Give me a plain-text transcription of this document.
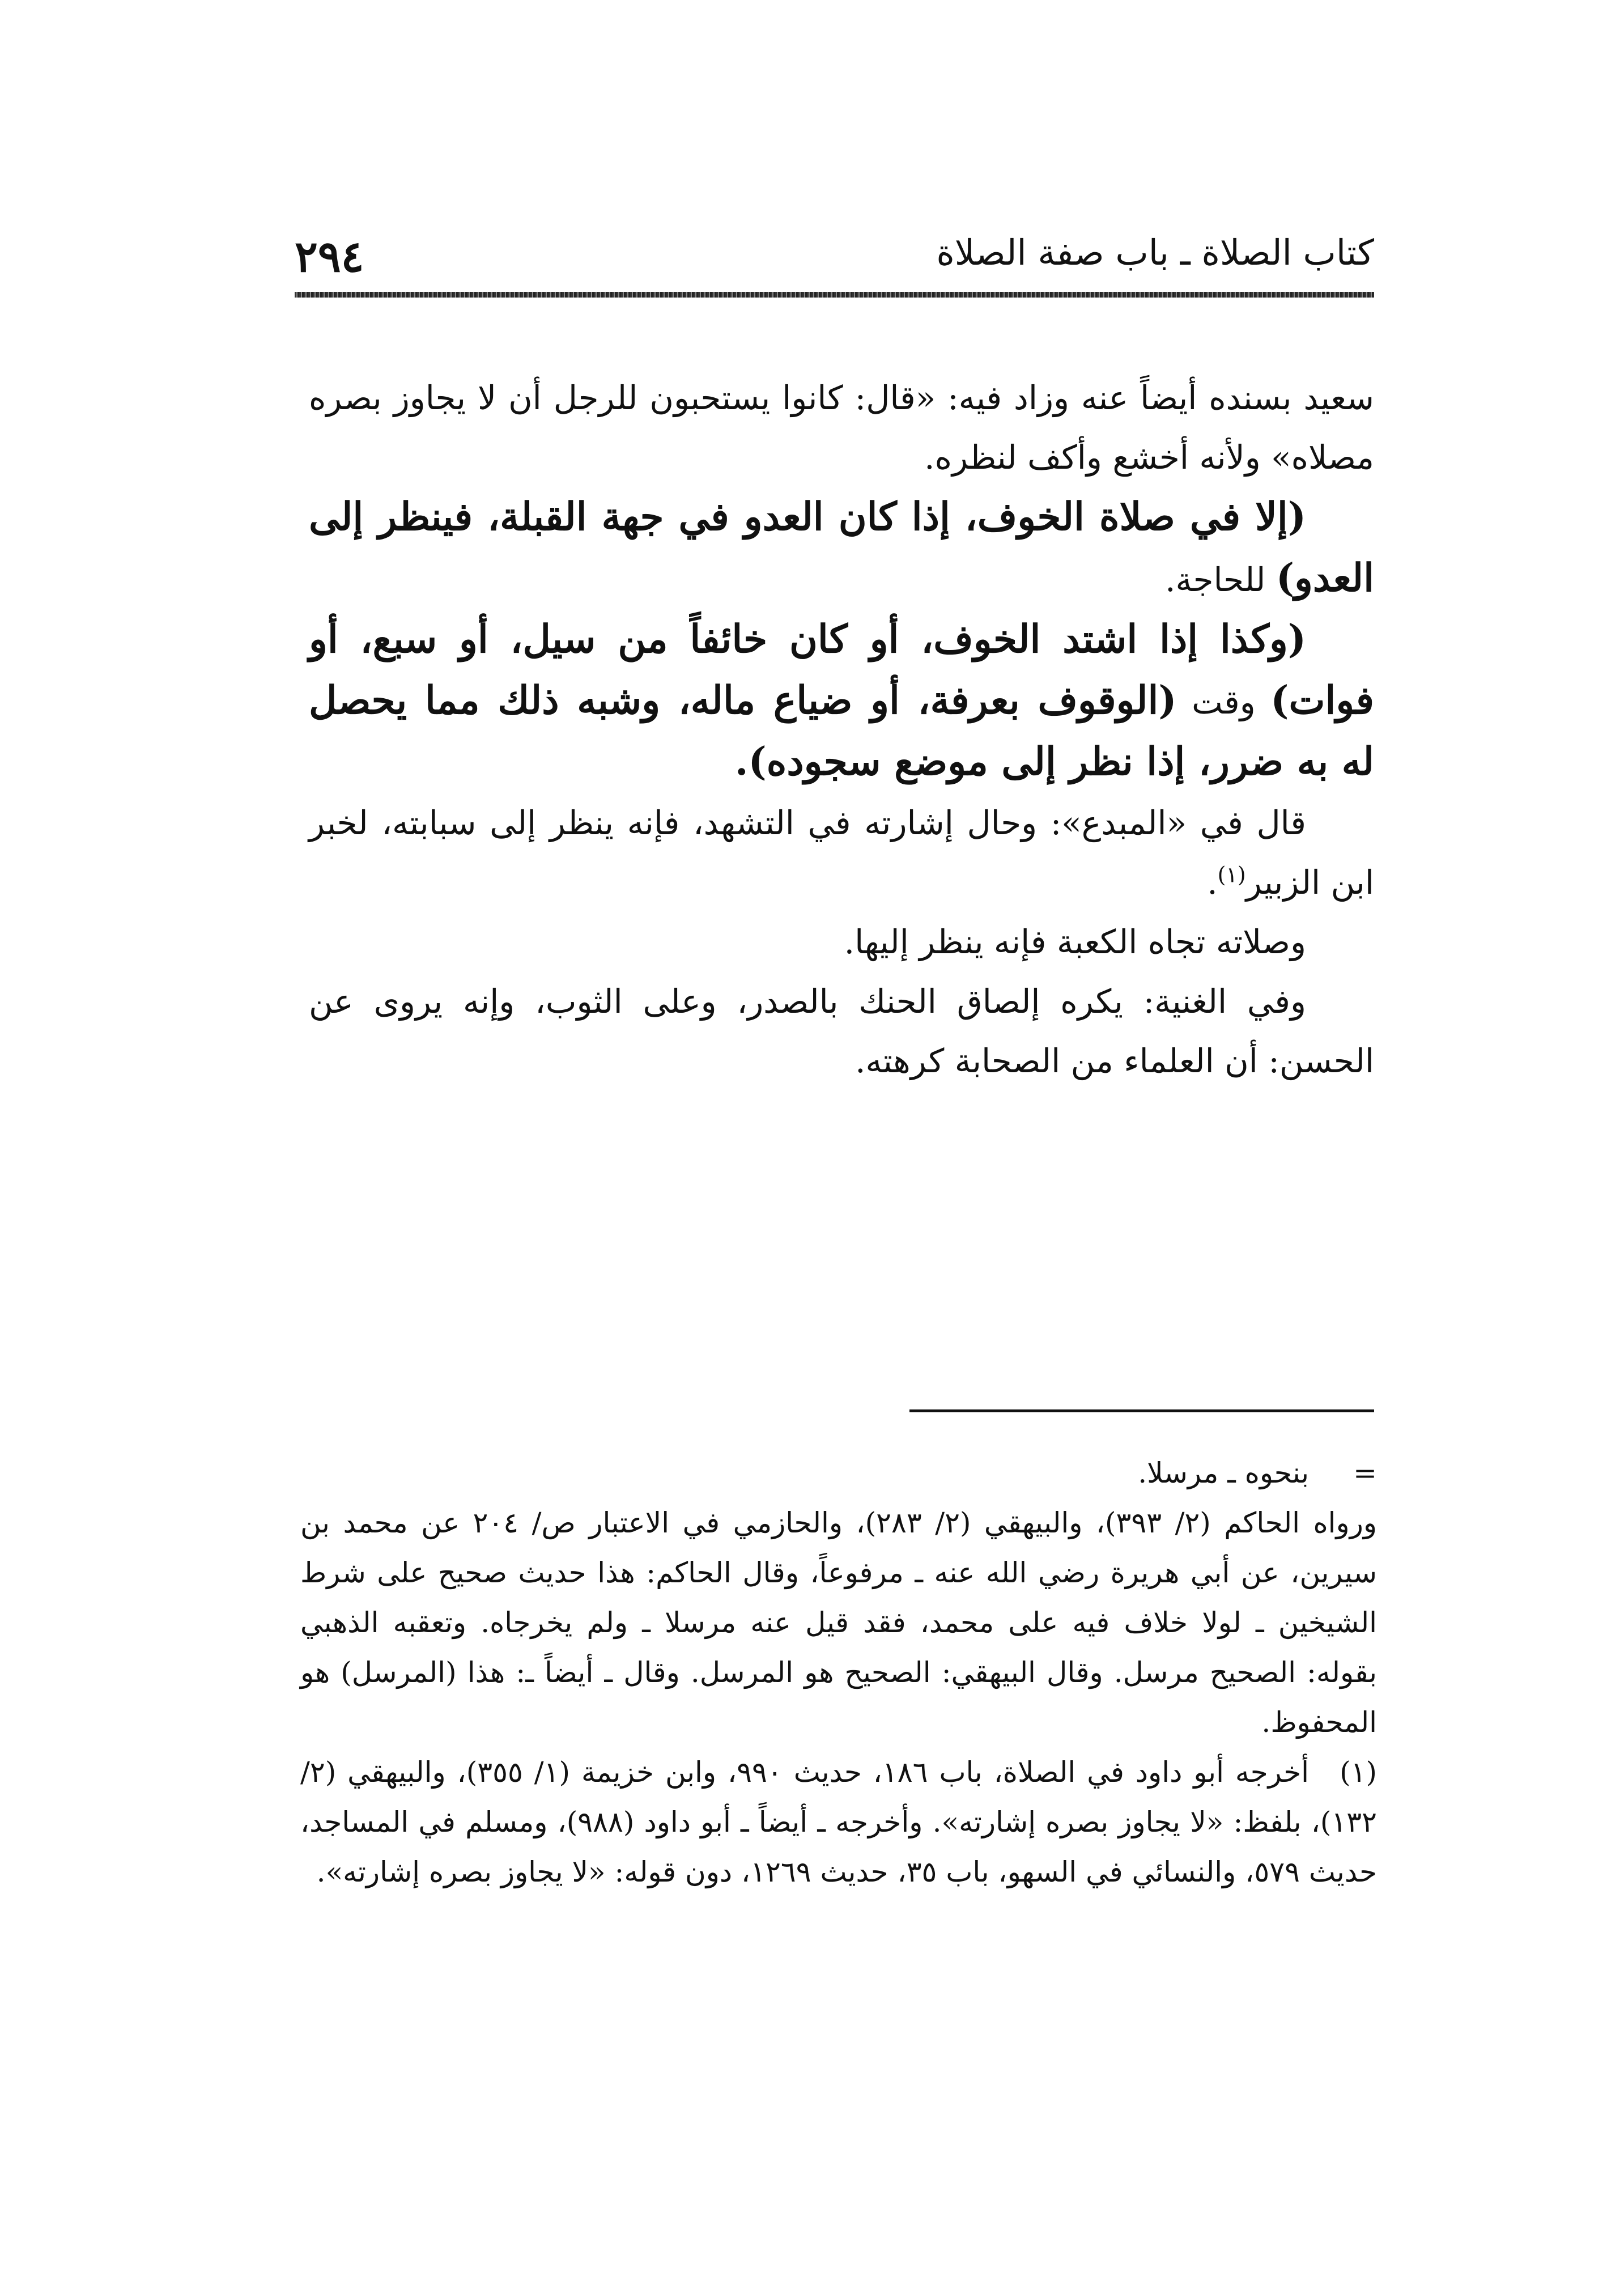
٢٩٤	كتاب الصلاة ـ باب صفة الصلاة

سعيد بسنده أيضاً عنه وزاد فيه: «قال: كانوا يستحبون للرجل أن لا يجاوز بصره مصلاه» ولأنه أخشع وأكف لنظره.

(إلا في صلاة الخوف، إذا كان العدو في جهة القبلة، فينظر إلى العدو) للحاجة.

(وكذا إذا اشتد الخوف، أو كان خائفاً من سيل، أو سبع، أو فوات) وقت (الوقوف بعرفة، أو ضياع ماله، وشبه ذلك مما يحصل له به ضرر، إذا نظر إلى موضع سجوده).

قال في «المبدع»: وحال إشارته في التشهد، فإنه ينظر إلى سبابته، لخبر ابن الزبير$^{(١)}$.

وصلاته تجاه الكعبة فإنه ينظر إليها.

وفي الغنية: يكره إلصاق الحنك بالصدر، وعلى الثوب، وإنه يروى عن الحسن: أن العلماء من الصحابة كرهته.

=بنحوه ـ مرسلا.

ورواه الحاكم (٢/ ٣٩٣)، والبيهقي (٢/ ٢٨٣)، والحازمي في الاعتبار ص/ ٢٠٤ عن محمد بن سيرين، عن أبي هريرة رضي الله عنه ـ مرفوعاً، وقال الحاكم: هذا حديث صحيح على شرط الشيخين ـ لولا خلاف فيه على محمد، فقد قيل عنه مرسلا ـ ولم يخرجاه. وتعقبه الذهبي بقوله: الصحيح مرسل. وقال البيهقي: الصحيح هو المرسل. وقال ـ أيضاً ـ: هذا (المرسل) هو المحفوظ.

(١)أخرجه أبو داود في الصلاة، باب ١٨٦، حديث ٩٩٠، وابن خزيمة (١/ ٣٥٥)، والبيهقي (٢/ ١٣٢)، بلفظ: «لا يجاوز بصره إشارته». وأخرجه ـ أيضاً ـ أبو داود (٩٨٨)، ومسلم في المساجد، حديث ٥٧٩، والنسائي في السهو، باب ٣٥، حديث ١٢٦٩، دون قوله: «لا يجاوز بصره إشارته».
